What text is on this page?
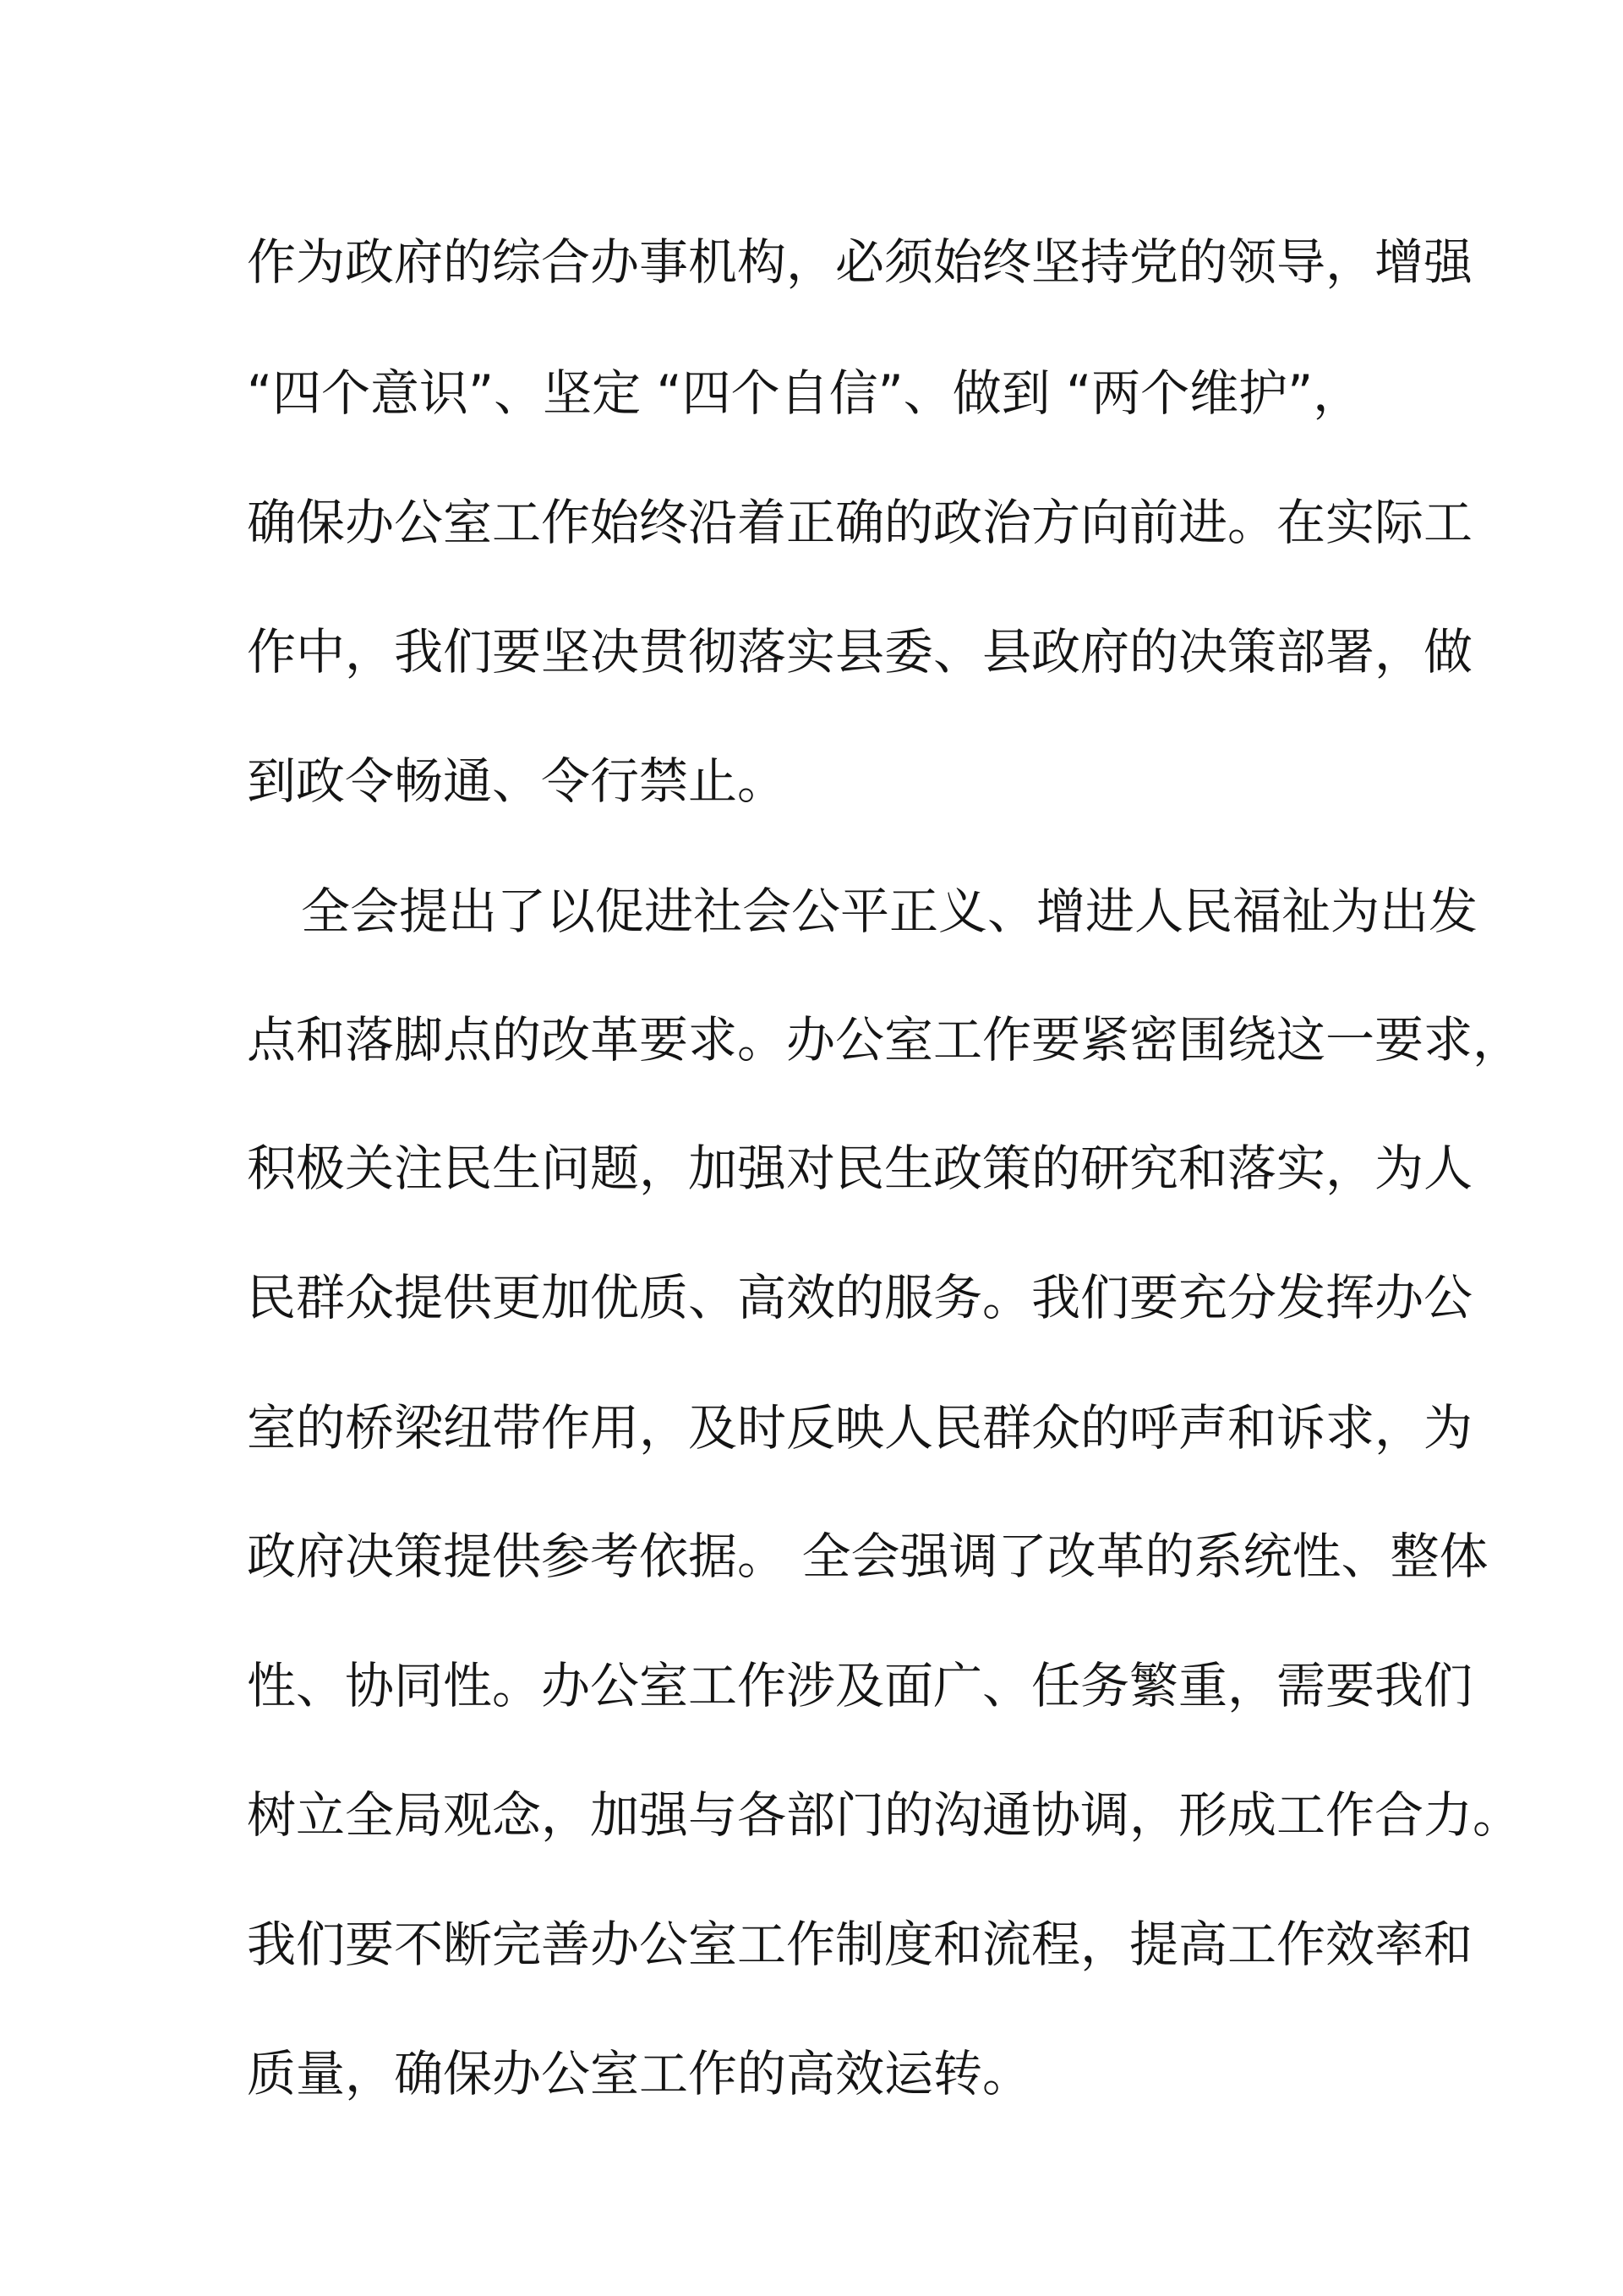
作为政府的综合办事机构，必须始终坚持党的领导，增强

“四个意识”、坚定 “四个自信”、做到 “两个维护”，

确保办公室工作始终沿着正确的政治方向前进。在实际工

作中，我们要坚决贯彻落实县委、县政府的决策部署，做

到政令畅通、令行禁止。

全会提出了以促进社会公平正义、增进人民福祉为出发

点和落脚点的改革要求。办公室工作要紧密围绕这一要求，

积极关注民生问题，加强对民生政策的研究和落实，为人

民群众提供更加优质、高效的服务。我们要充分发挥办公

室的桥梁纽带作用，及时反映人民群众的呼声和诉求，为

政府决策提供参考依据。 全会强调了改革的系统性、整体

性、协同性。办公室工作涉及面广、任务繁重，需要我们

树立全局观念，加强与各部门的沟通协调，形成工作合力。

我们要不断完善办公室工作制度和流程，提高工作效率和

质量，确保办公室工作的高效运转。
